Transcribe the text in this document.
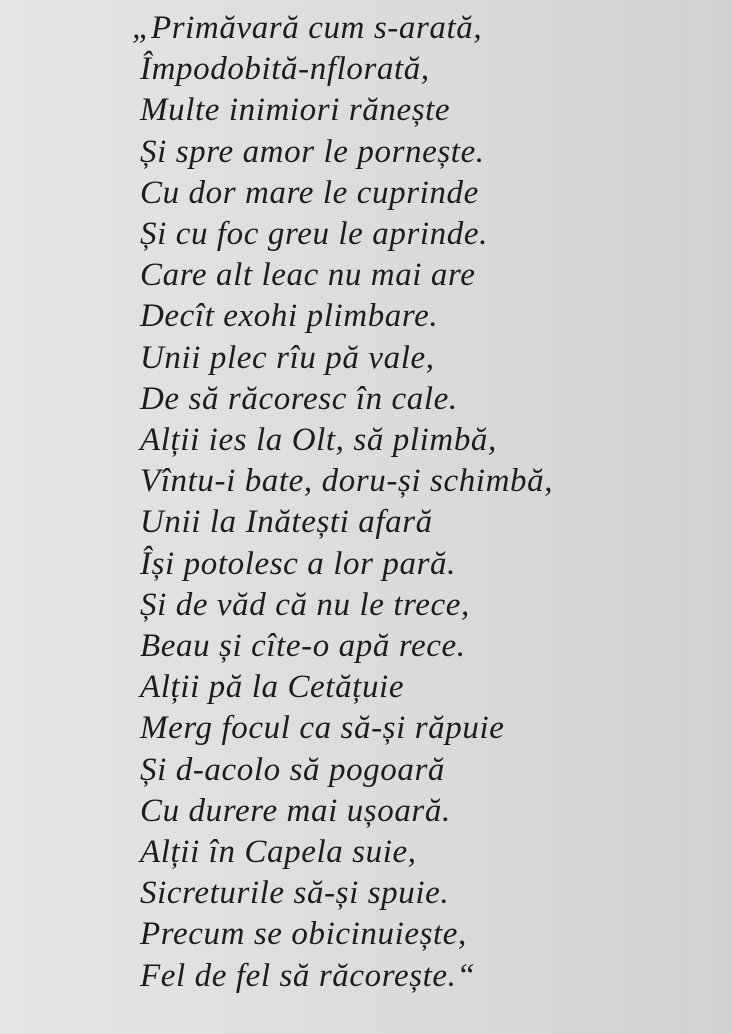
„Primăvară cum s-arată,
Împodobită-nflorată,
Multe inimiori rănește
Și spre amor le pornește.
Cu dor mare le cuprinde
Și cu foc greu le aprinde.
Care alt leac nu mai are
Decît exohi plimbare.
Unii plec rîu pă vale,
De să răcoresc în cale.
Alții ies la Olt, să plimbă,
Vîntu-i bate, doru-și schimbă,
Unii la Inătești afară
Își potolesc a lor pară.
Și de văd că nu le trece,
Beau și cîte-o apă rece.
Alții pă la Cetățuie
Merg focul ca să-și răpuie
Și d-acolo să pogoară
Cu durere mai ușoară.
Alții în Capela suie,
Sicreturile să-și spuie.
Precum se obicinuiește,
Fel de fel să răcorește.“
